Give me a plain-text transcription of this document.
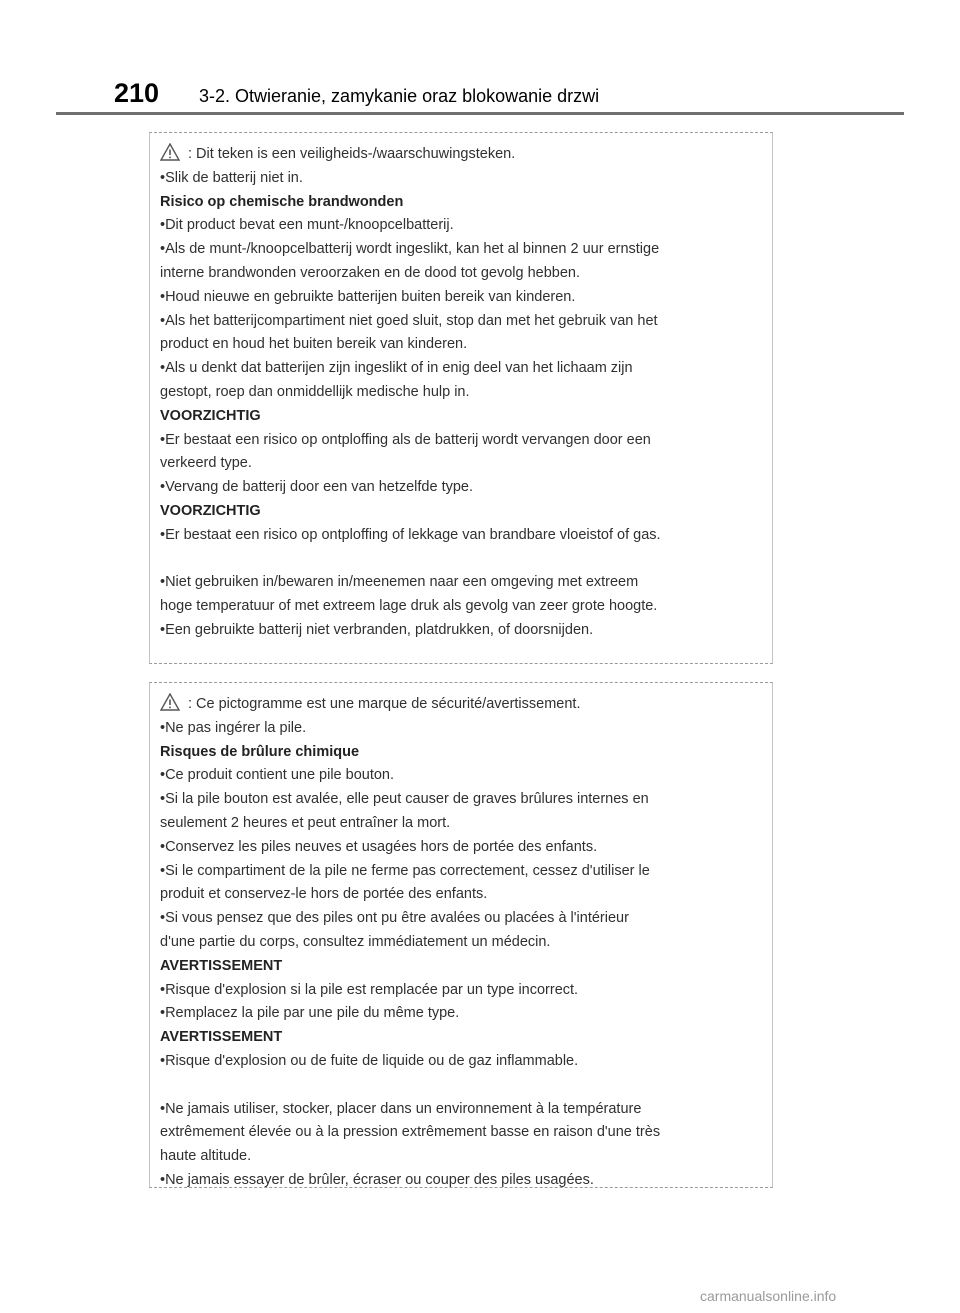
210 3-2. Otwieranie, zamykanie oraz blokowanie drzwi
: Dit teken is een veiligheids-/waarschuwingsteken.
•Slik de batterij niet in.
Risico op chemische brandwonden
•Dit product bevat een munt-/knoopcelbatterij.
•Als de munt-/knoopcelbatterij wordt ingeslikt, kan het al binnen 2 uur ernstige
interne brandwonden veroorzaken en de dood tot gevolg hebben.
•Houd nieuwe en gebruikte batterijen buiten bereik van kinderen.
•Als het batterijcompartiment niet goed sluit, stop dan met het gebruik van het
product en houd het buiten bereik van kinderen.
•Als u denkt dat batterijen zijn ingeslikt of in enig deel van het lichaam zijn
gestopt, roep dan onmiddellijk medische hulp in.
VOORZICHTIG
•Er bestaat een risico op ontploffing als de batterij wordt vervangen door een
verkeerd type.
•Vervang de batterij door een van hetzelfde type.
VOORZICHTIG
•Er bestaat een risico op ontploffing of lekkage van brandbare vloeistof of gas.
•Niet gebruiken in/bewaren in/meenemen naar een omgeving met extreem
hoge temperatuur of met extreem lage druk als gevolg van zeer grote hoogte.
•Een gebruikte batterij niet verbranden, platdrukken, of doorsnijden.
: Ce pictogramme est une marque de sécurité/avertissement.
•Ne pas ingérer la pile.
Risques de brûlure chimique
•Ce produit contient une pile bouton.
•Si la pile bouton est avalée, elle peut causer de graves brûlures internes en
seulement 2 heures et peut entraîner la mort.
•Conservez les piles neuves et usagées hors de portée des enfants.
•Si le compartiment de la pile ne ferme pas correctement, cessez d'utiliser le
produit et conservez-le hors de portée des enfants.
•Si vous pensez que des piles ont pu être avalées ou placées à l'intérieur
d'une partie du corps, consultez immédiatement un médecin.
AVERTISSEMENT
•Risque d'explosion si la pile est remplacée par un type incorrect.
•Remplacez la pile par une pile du même type.
AVERTISSEMENT
•Risque d'explosion ou de fuite de liquide ou de gaz inflammable.
•Ne jamais utiliser, stocker, placer dans un environnement à la température
extrêmement élevée ou à la pression extrêmement basse en raison d'une très
haute altitude.
•Ne jamais essayer de brûler, écraser ou couper des piles usagées.
carmanualsonline.info
